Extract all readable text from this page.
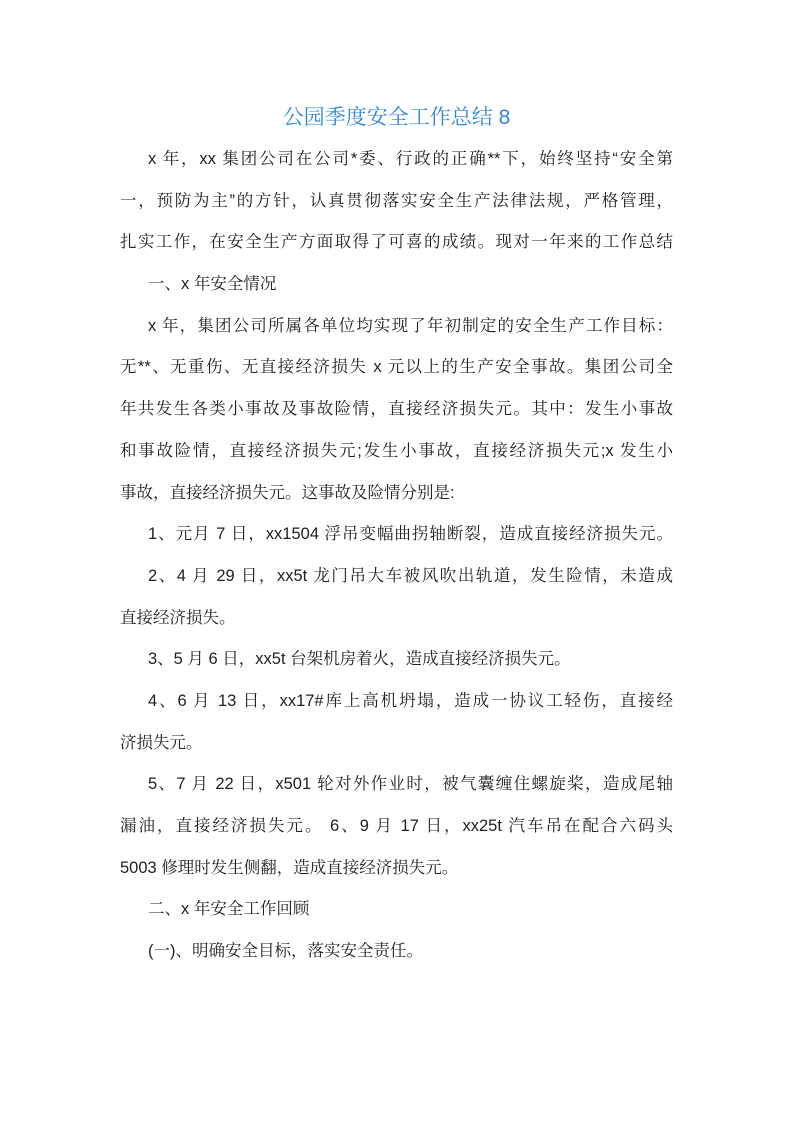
公园季度安全工作总结 8
x 年，xx 集团公司在公司*委、行政的正确**下，始终坚持“安全第
一，预防为主”的方针，认真贯彻落实安全生产法律法规，严格管理，
扎实工作，在安全生产方面取得了可喜的成绩。现对一年来的工作总结
一、x 年安全情况
x 年，集团公司所属各单位均实现了年初制定的安全生产工作目标：
无**、无重伤、无直接经济损失 x 元以上的生产安全事故。集团公司全
年共发生各类小事故及事故险情，直接经济损失元。其中：发生小事故
和事故险情，直接经济损失元;发生小事故，直接经济损失元;x 发生小
事故，直接经济损失元。这事故及险情分别是:
1、元月 7 日，xx1504 浮吊变幅曲拐轴断裂，造成直接经济损失元。
2、4 月 29 日，xx5t 龙门吊大车被风吹出轨道，发生险情，未造成
直接经济损失。
3、5 月 6 日，xx5t 台架机房着火，造成直接经济损失元。
4、6 月 13 日，xx17#库上高机坍塌，造成一协议工轻伤，直接经
济损失元。
5、7 月 22 日，x501 轮对外作业时，被气囊缠住螺旋桨，造成尾轴
漏油，直接经济损失元。 6、9 月 17 日，xx25t 汽车吊在配合六码头
5003 修理时发生侧翻，造成直接经济损失元。
二、x 年安全工作回顾
(一)、明确安全目标，落实安全责任。
